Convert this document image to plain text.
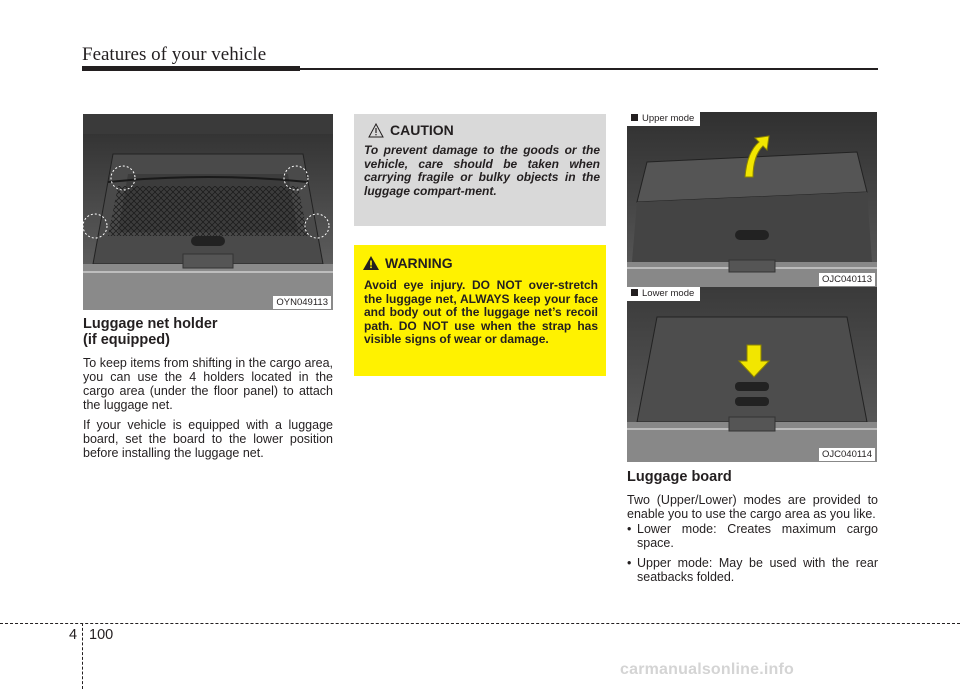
Features of your vehicle
OYN049113
Luggage net holder
(if equipped)

To keep items from shifting in the cargo area, you can use the 4 holders located in the cargo area (under the floor panel) to attach the luggage net.

If your vehicle is equipped with a luggage board, set the board to the lower position before installing the luggage net.

CAUTION
To prevent damage to the goods or the vehicle, care should be taken when carrying fragile or bulky objects in the luggage compart-ment.
WARNING
Avoid eye injury. DO NOT over-stretch the luggage net, ALWAYS keep your face and body out of the luggage net’s recoil path. DO NOT use when the strap has visible signs of wear or damage.
Upper mode
OJC040113
Lower mode
OJC040114
Luggage board

Two (Upper/Lower) modes are provided to enable you to use the cargo area as you like.

• Lower mode: Creates maximum cargo space.
• Upper mode: May be used with the rear seatbacks folded.
4 100
carmanualsonline.info
